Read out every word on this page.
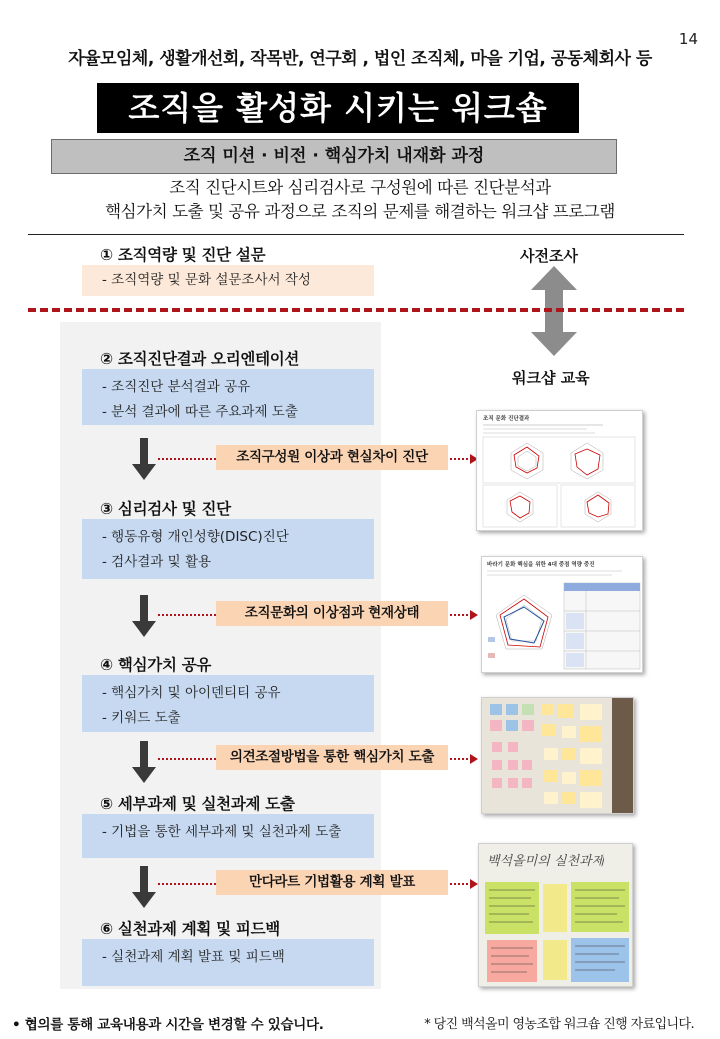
14
자율모임체, 생활개선회, 작목반, 연구회 , 법인 조직체, 마을 기업, 공동체회사 등
조직을 활성화 시키는 워크숍
조직 미션 · 비전 · 핵심가치 내재화 과정
조직 진단시트와 심리검사로 구성원에 따른 진단분석과
핵심가치 도출 및 공유 과정으로 조직의 문제를 해결하는 워크샵 프로그램
① 조직역량 및 진단 설문
- 조직역량 및 문화 설문조사서 작성
사전조사
워크샵 교육
② 조직진단결과 오리엔테이션
- 조직진단 분석결과 공유
- 분석 결과에 따른 주요과제 도출
조직구성원 이상과 현실차이 진단
③ 심리검사 및 진단
- 행동유형 개인성향(DISC)진단
- 검사결과 및 활용
조직문화의 이상점과 현재상태
④ 핵심가치 공유
- 핵심가치 및 아이덴티티 공유
- 키워드 도출
의견조절방법을 통한 핵심가치 도출
⑤ 세부과제 및 실천과제 도출
- 기법을 통한 세부과제 및 실천과제 도출
만다라트 기법활용 계획 발표
⑥ 실천과제 계획 및 피드백
- 실천과제 계획 발표 및 피드백
조직 문화 진단결과
바라기 문화 핵심을 위한 4대 중점 역량 중진
백석올미의 실천과제
• 협의를 통해 교육내용과 시간을 변경할 수 있습니다.	* 당진 백석올미 영농조합 워크숍 진행 자료입니다.
